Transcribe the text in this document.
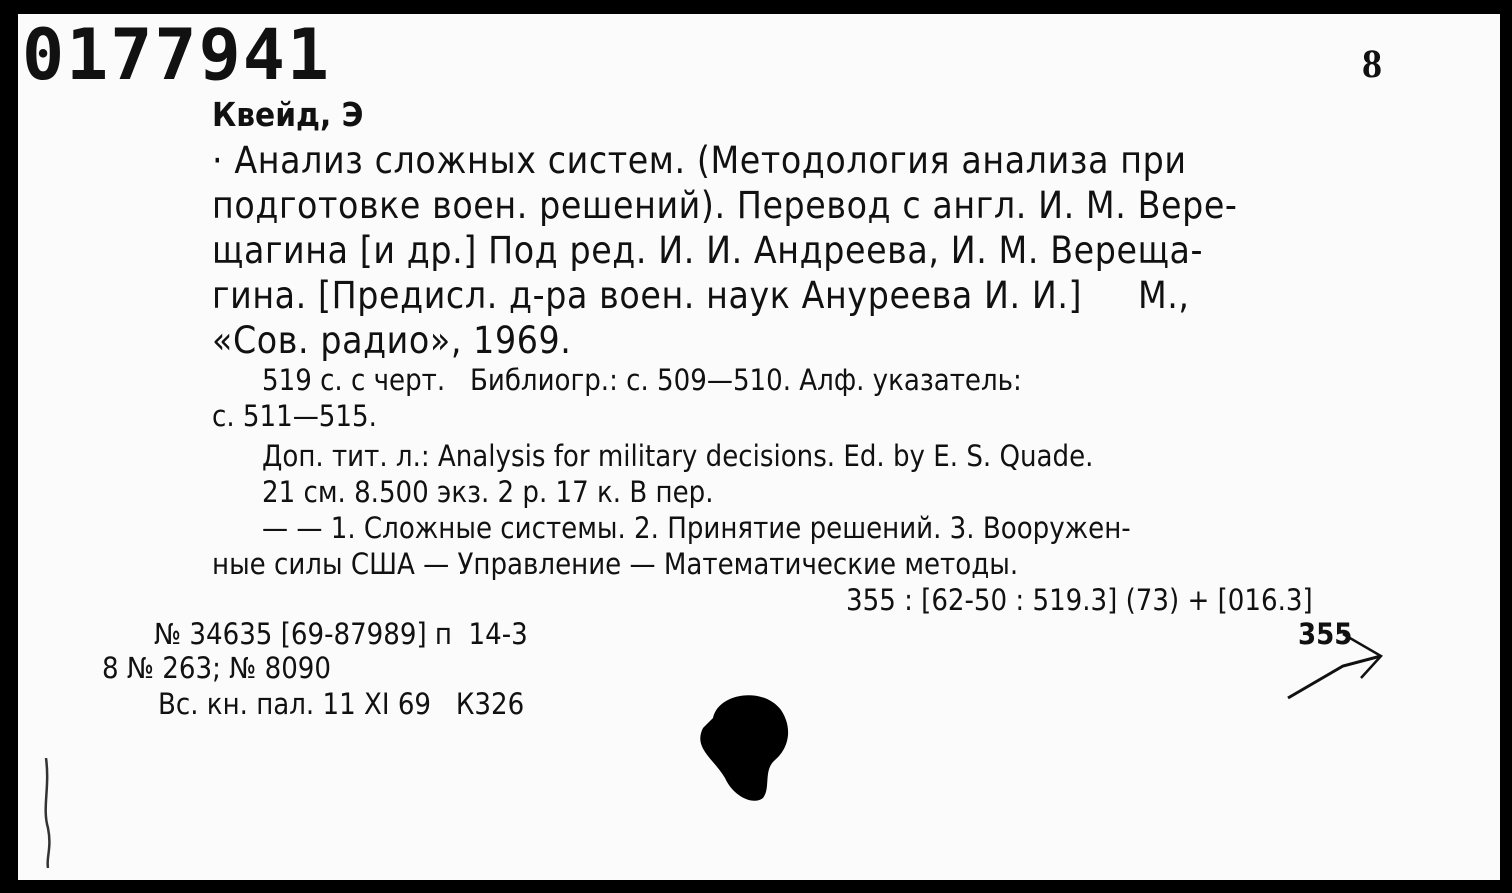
0177941	8
Квейд, Э
· Анализ сложных систем. (Методология анализа при
подготовке воен. решений). Перевод с англ. И. М. Вере-
щагина [и др.] Под ред. И. И. Андреева, И. М. Вереща-
гина. [Предисл. д-ра воен. наук Ануреева И. И.]     М.,
«Сов. радио», 1969.
519 с. с черт.   Библиогр.: с. 509—510. Алф. указатель:
с. 511—515.
Доп. тит. л.: Analysis for military decisions. Ed. by E. S. Quade.
21 см. 8.500 экз. 2 р. 17 к. В пер.
— — 1. Сложные системы. 2. Принятие решений. 3. Вооружен-
ные силы США — Управление — Математические методы.
355 : [62-50 : 519.3] (73) + [016.3]
355
№ 34635 [69-87989] п  14-3
8 № 263; № 8090
Вс. кн. пал. 11 XI 69   К326
